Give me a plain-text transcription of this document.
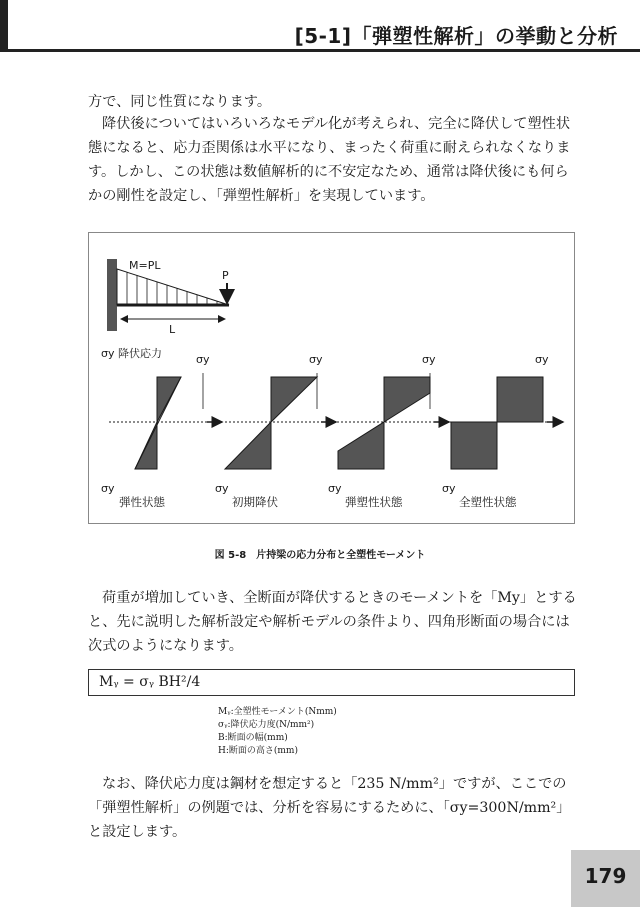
[5-1]「弾塑性解析」の挙動と分析

方で、同じ性質になります。

降伏後についてはいろいろなモデル化が考えられ、完全に降伏して塑性状態になると、応力歪関係は水平になり、まったく荷重に耐えられなくなります。しかし、この状態は数値解析的に不安定なため、通常は降伏後にも何らかの剛性を設定し、「弾塑性解析」を実現しています。

M=PL
P
L
σy 降伏応力	σy	σy	σy	σy
σy	σy	σy	σy
弾性状態	初期降伏	弾塑性状態	全塑性状態
図 5-8　片持梁の応力分布と全塑性モーメント

荷重が増加していき、全断面が降伏するときのモーメントを「My」とすると、先に説明した解析設定や解析モデルの条件より、四角形断面の場合には次式のようになります。

Mᵧ = σᵧ BH²/4
Mᵧ:全塑性モーメント(Nmm)
σᵧ:降伏応力度(N/mm²)
B:断面の幅(mm)
H:断面の高さ(mm)

なお、降伏応力度は鋼材を想定すると「235 N/mm²」ですが、ここでの「弾塑性解析」の例題では、分析を容易にするために、「σy=300N/mm²」と設定します。

179
